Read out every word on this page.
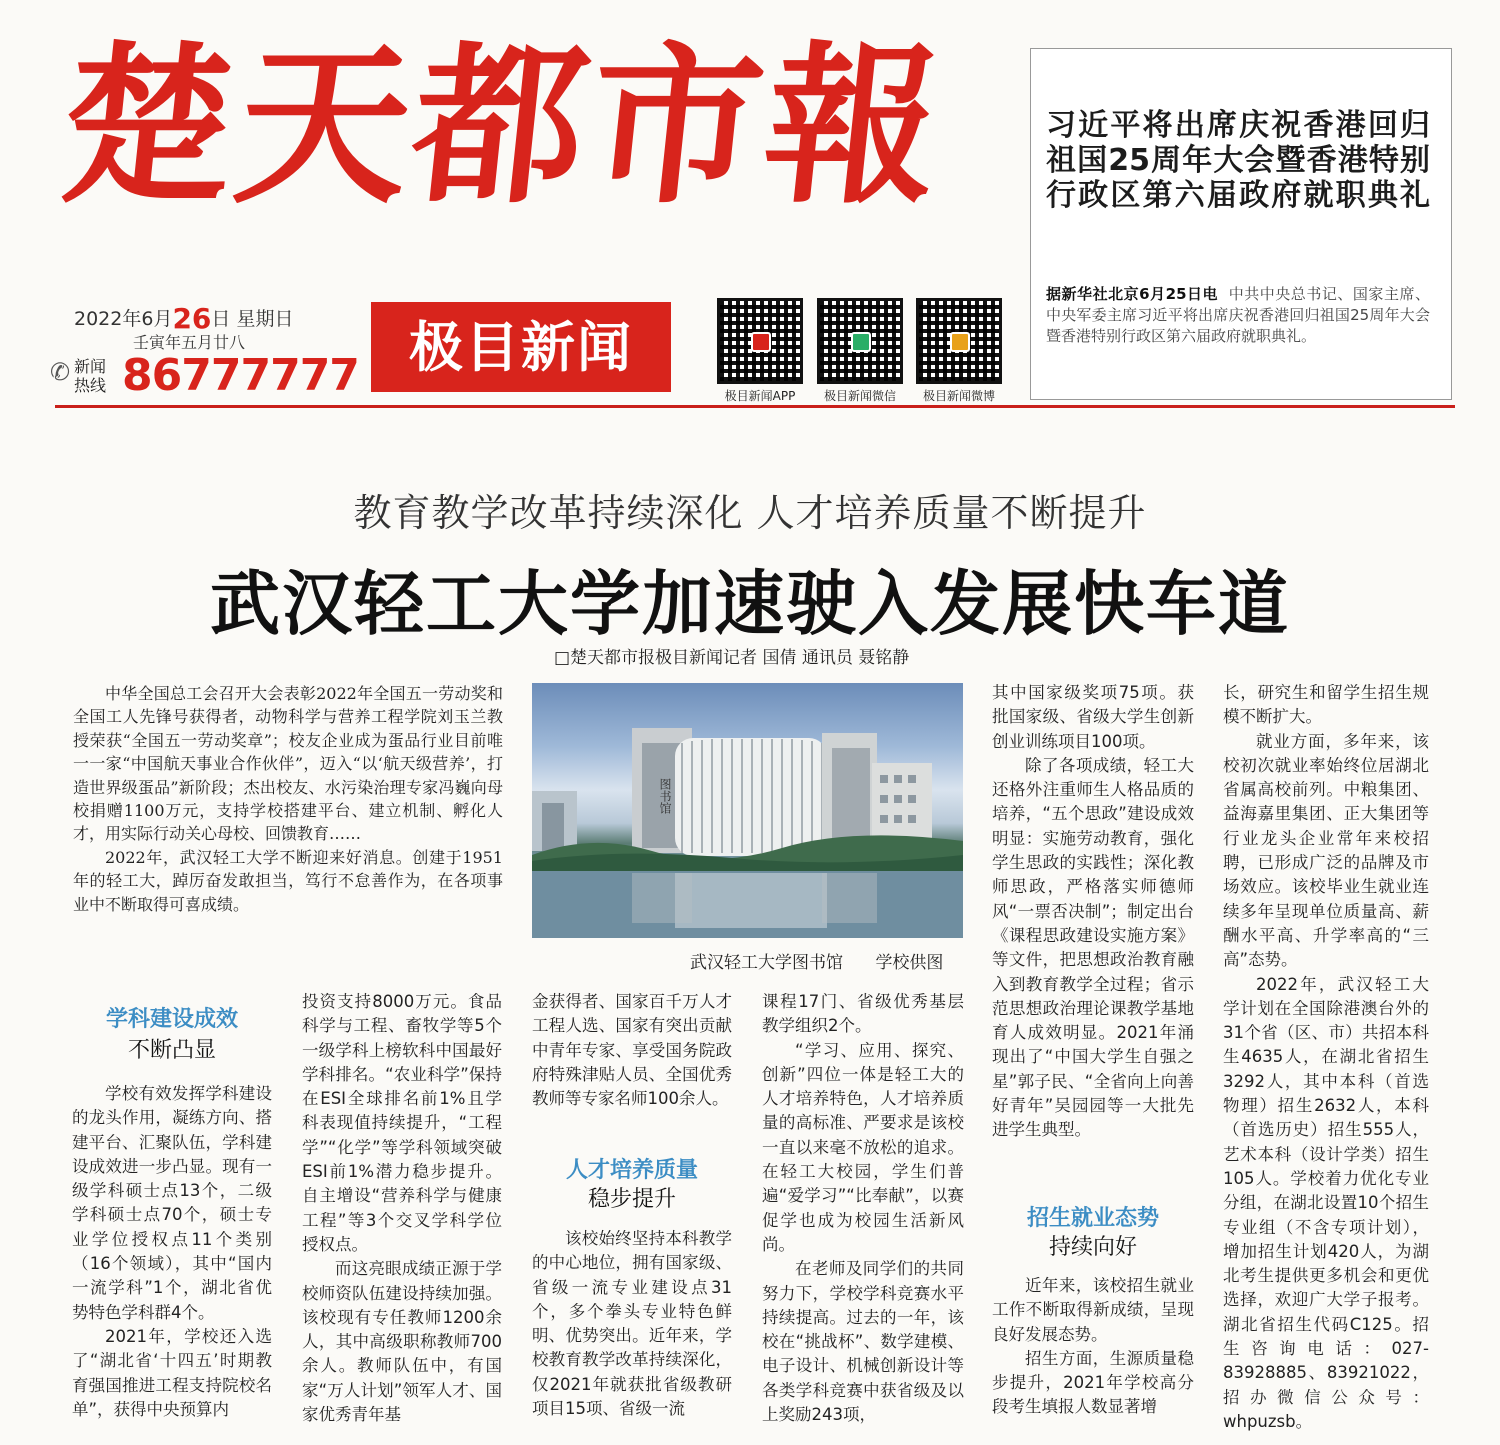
楚天都市報
2022年6月26日 星期日
壬寅年五月廿八
✆ 新闻热线 86777777 极目新闻
极目新闻APP	极目新闻微信	极目新闻微博
习近平将出席庆祝香港回归祖国25周年大会暨香港特别行政区第六届政府就职典礼
据新华社北京6月25日电 中共中央总书记、国家主席、中央军委主席习近平将出席庆祝香港回归祖国25周年大会暨香港特别行政区第六届政府就职典礼。
教育教学改革持续深化 人才培养质量不断提升
武汉轻工大学加速驶入发展快车道
□楚天都市报极目新闻记者 国倩 通讯员 聂铭静
中华全国总工会召开大会表彰2022年全国五一劳动奖和全国工人先锋号获得者，动物科学与营养工程学院刘玉兰教授荣获“全国五一劳动奖章”；校友企业成为蛋品行业目前唯一一家“中国航天事业合作伙伴”，迈入“以‘航天级营养’，打造世界级蛋品”新阶段；杰出校友、水污染治理专家冯巍向母校捐赠1100万元，支持学校搭建平台、建立机制、孵化人才，用实际行动关心母校、回馈教育……
2022年，武汉轻工大学不断迎来好消息。创建于1951年的轻工大，踔厉奋发敢担当，笃行不怠善作为，在各项事业中不断取得可喜成绩。
图书馆
武汉轻工大学图书馆 学校供图
学科建设成效
不断凸显
学校有效发挥学科建设的龙头作用，凝练方向、搭建平台、汇聚队伍，学科建设成效进一步凸显。现有一级学科硕士点13个，二级学科硕士点70个，硕士专业学位授权点11个类别（16个领域），其中“国内一流学科”1个，湖北省优势特色学科群4个。
2021年，学校还入选了“湖北省‘十四五’时期教育强国推进工程支持院校名单”，获得中央预算内
投资支持8000万元。食品科学与工程、畜牧学等5个一级学科上榜软科中国最好学科排名。“农业科学”保持在ESI全球排名前1%且学科表现值持续提升，“工程学”“化学”等学科领域突破ESI前1%潜力稳步提升。自主增设“营养科学与健康工程”等3个交叉学科学位授权点。
而这亮眼成绩正源于学校师资队伍建设持续加强。该校现有专任教师1200余人，其中高级职称教师700余人。教师队伍中，有国家“万人计划”领军人才、国家优秀青年基
金获得者、国家百千万人才工程人选、国家有突出贡献中青年专家、享受国务院政府特殊津贴人员、全国优秀教师等专家名师100余人。
人才培养质量
稳步提升
该校始终坚持本科教学的中心地位，拥有国家级、省级一流专业建设点31个，多个拳头专业特色鲜明、优势突出。近年来，学校教育教学改革持续深化，仅2021年就获批省级教研项目15项、省级一流
课程17门、省级优秀基层教学组织2个。
“学习、应用、探究、创新”四位一体是轻工大的人才培养特色，人才培养质量的高标准、严要求是该校一直以来毫不放松的追求。在轻工大校园，学生们普遍“爱学习”“比奉献”，以赛促学也成为校园生活新风尚。
在老师及同学们的共同努力下，学校学科竞赛水平持续提高。过去的一年，该校在“挑战杯”、数学建模、电子设计、机械创新设计等各类学科竞赛中获省级及以上奖励243项，
其中国家级奖项75项。获批国家级、省级大学生创新创业训练项目100项。
除了各项成绩，轻工大还格外注重师生人格品质的培养，“五个思政”建设成效明显：实施劳动教育，强化学生思政的实践性；深化教师思政，严格落实师德师风“一票否决制”；制定出台《课程思政建设实施方案》等文件，把思想政治教育融入到教育教学全过程；省示范思想政治理论课教学基地育人成效明显。2021年涌现出了“中国大学生自强之星”郭子民、“全省向上向善好青年”吴园园等一大批先进学生典型。
招生就业态势
持续向好
近年来，该校招生就业工作不断取得新成绩，呈现良好发展态势。
招生方面，生源质量稳步提升，2021年学校高分段考生填报人数显著增
长，研究生和留学生招生规模不断扩大。
就业方面，多年来，该校初次就业率始终位居湖北省属高校前列。中粮集团、益海嘉里集团、正大集团等行业龙头企业常年来校招聘，已形成广泛的品牌及市场效应。该校毕业生就业连续多年呈现单位质量高、薪酬水平高、升学率高的“三高”态势。
2022年，武汉轻工大学计划在全国除港澳台外的31个省（区、市）共招本科生4635人，在湖北省招生3292人，其中本科（首选物理）招生2632人，本科（首选历史）招生555人，艺术本科（设计学类）招生105人。学校着力优化专业分组，在湖北设置10个招生专业组（不含专项计划），增加招生计划420人，为湖北考生提供更多机会和更优选择，欢迎广大学子报考。湖北省招生代码C125。招生咨询电话：027-83928885、83921022，招办微信公众号：whpuzsb。
